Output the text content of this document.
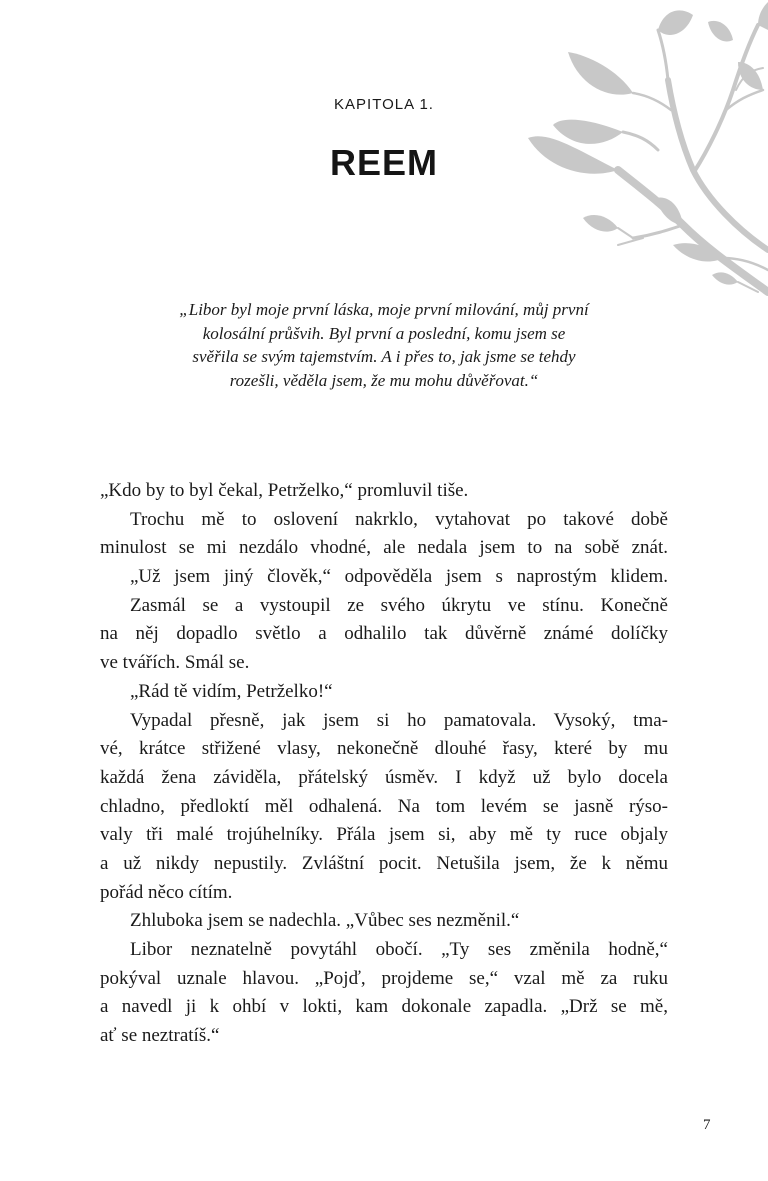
KAPITOLA 1.
REEM
„Libor byl moje první láska, moje první milování, můj první
kolosální průšvih. Byl první a poslední, komu jsem se
svěřila se svým tajemstvím. A i přes to, jak jsme se tehdy
rozešli, věděla jsem, že mu mohu důvěřovat.“
„Kdo by to byl čekal, Petrželko,“ promluvil tiše.
Trochu mě to oslovení nakrklo, vytahovat po takové době
minulost se mi nezdálo vhodné, ale nedala jsem to na sobě znát.
„Už jsem jiný člověk,“ odpověděla jsem s naprostým klidem.
Zasmál se a vystoupil ze svého úkrytu ve stínu. Konečně
na něj dopadlo světlo a odhalilo tak důvěrně známé dolíčky
ve tvářích. Smál se.
„Rád tě vidím, Petrželko!“
Vypadal přesně, jak jsem si ho pamatovala. Vysoký, tma-
vé, krátce střižené vlasy, nekonečně dlouhé řasy, které by mu
každá žena záviděla, přátelský úsměv. I když už bylo docela
chladno, předloktí měl odhalená. Na tom levém se jasně rýso-
valy tři malé trojúhelníky. Přála jsem si, aby mě ty ruce objaly
a už nikdy nepustily. Zvláštní pocit. Netušila jsem, že k němu
pořád něco cítím.
Zhluboka jsem se nadechla. „Vůbec ses nezměnil.“
Libor neznatelně povytáhl obočí. „Ty ses změnila hodně,“
pokýval uznale hlavou. „Pojď, projdeme se,“ vzal mě za ruku
a navedl ji k ohbí v lokti, kam dokonale zapadla. „Drž se mě,
ať se neztratíš.“
7
